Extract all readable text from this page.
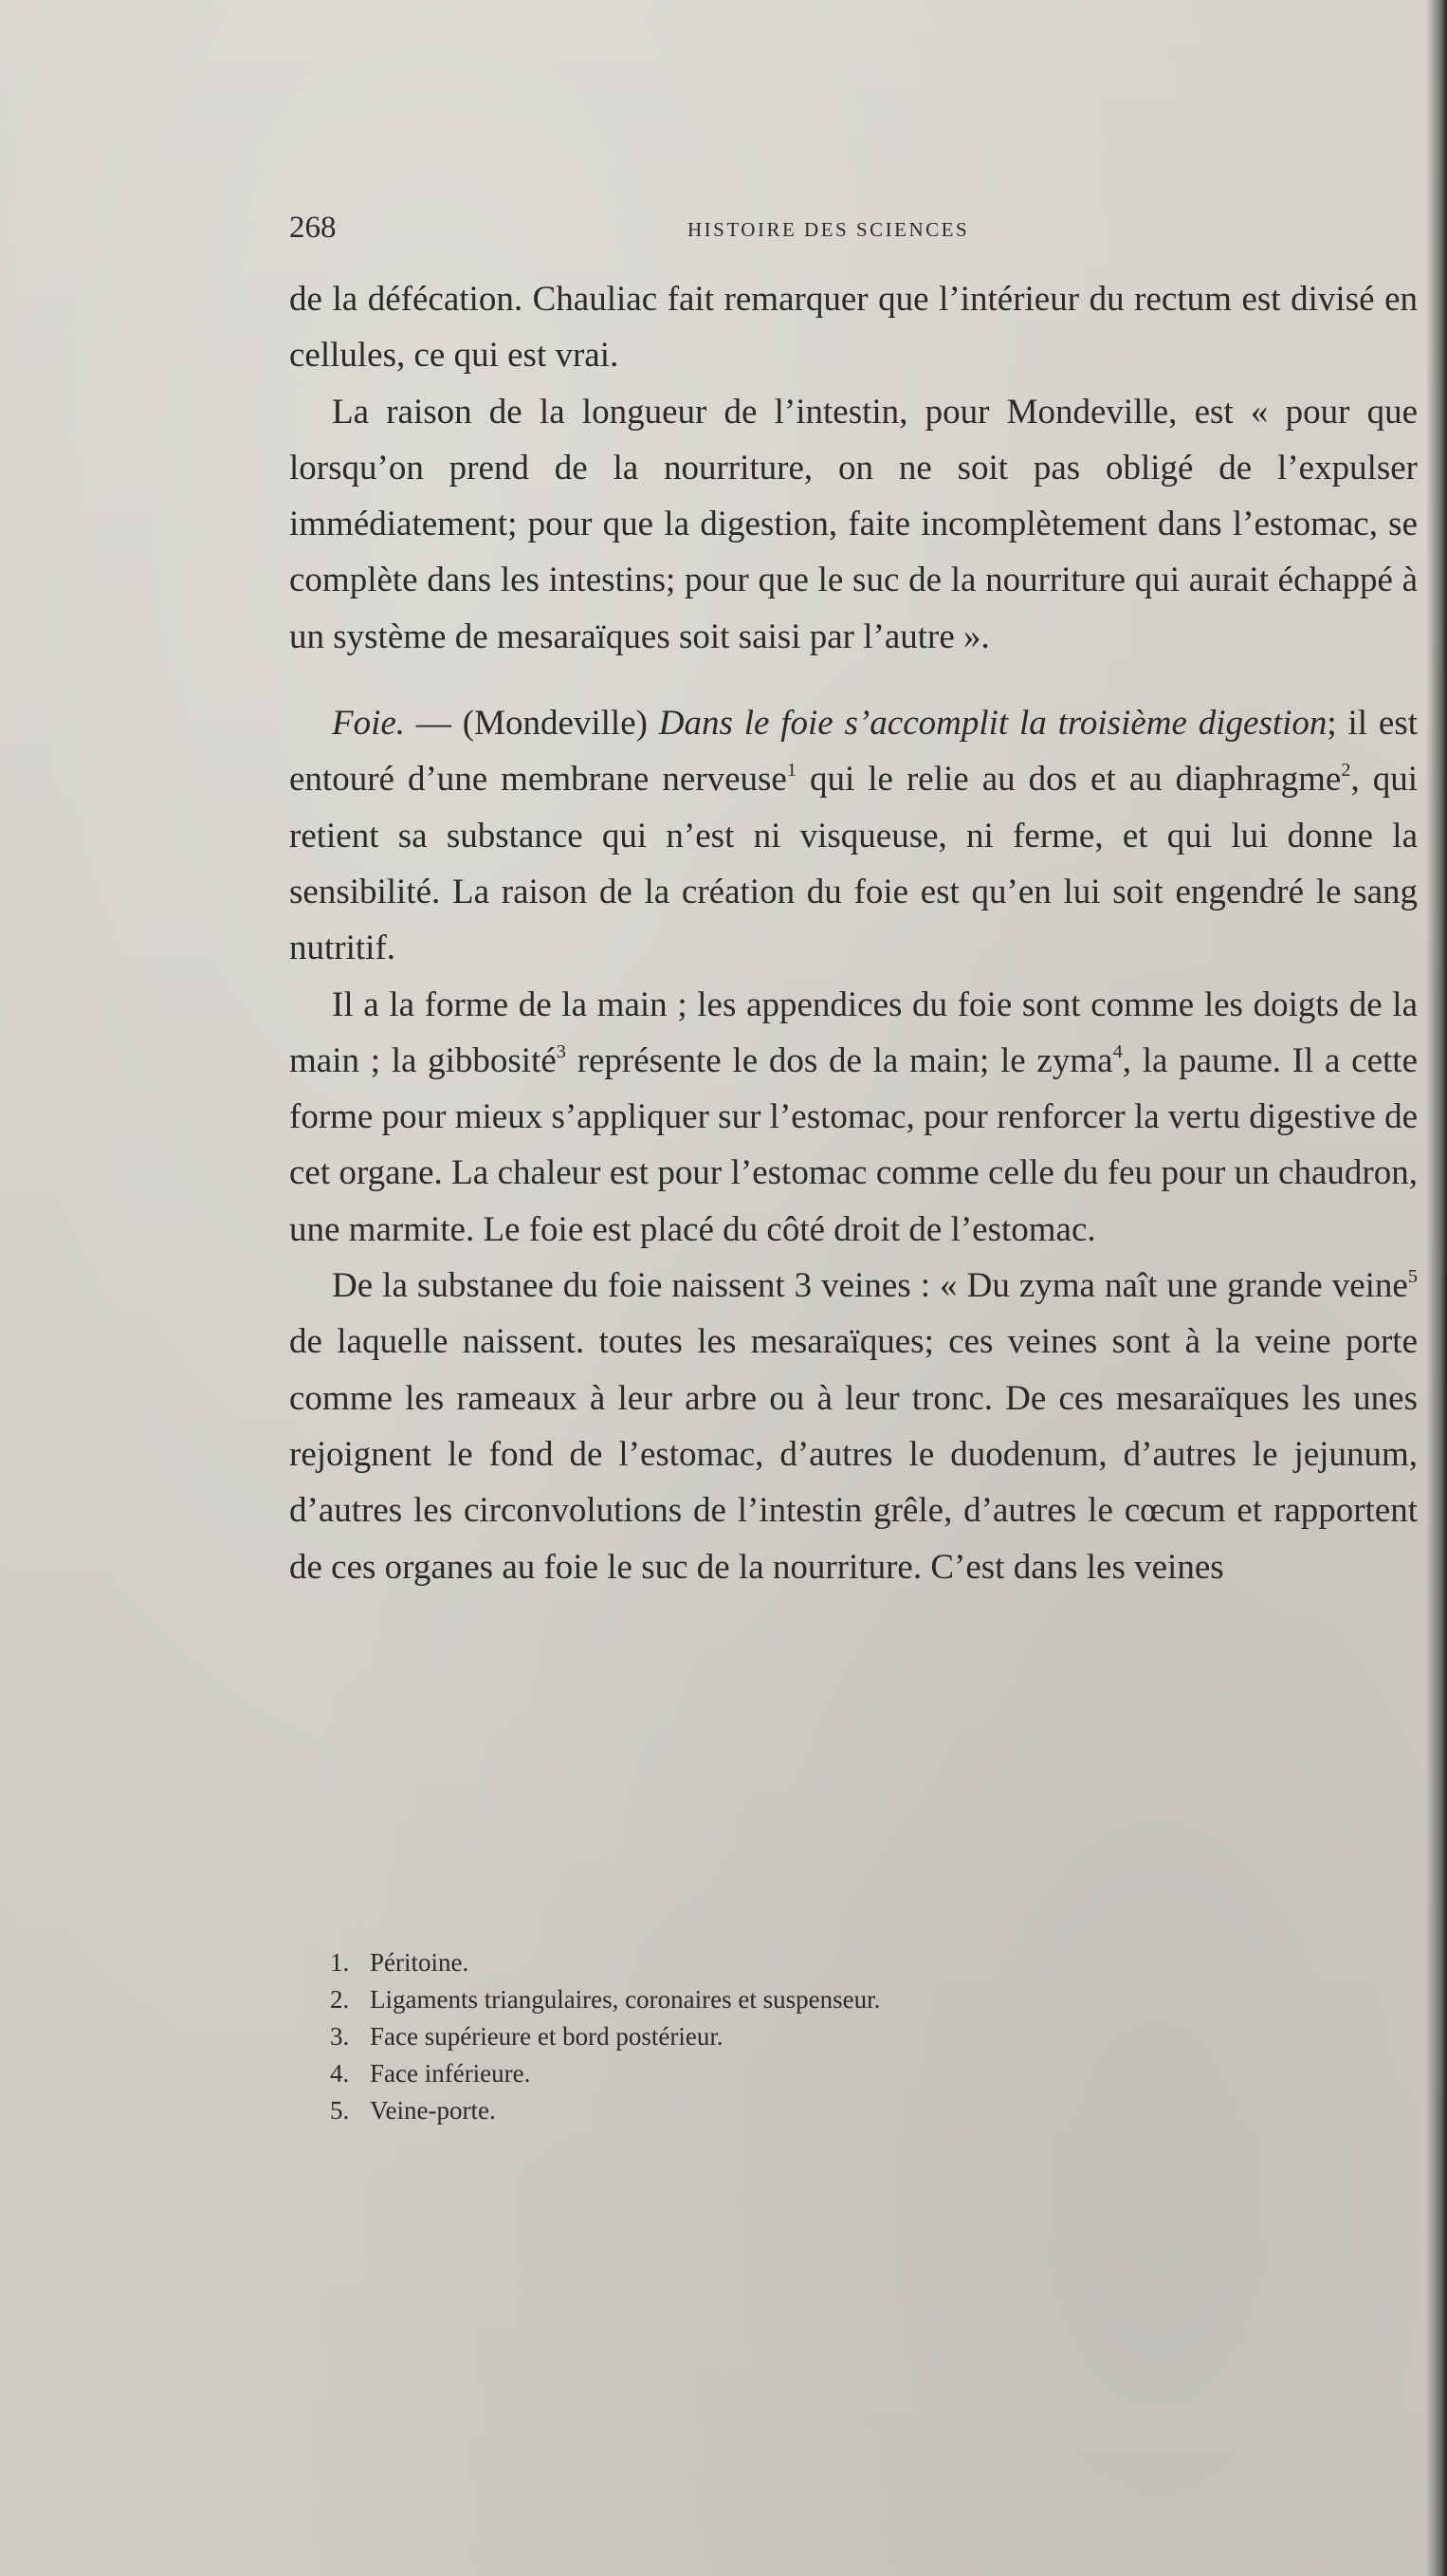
268	HISTOIRE DES SCIENCES

de la défécation. Chauliac fait remarquer que l’intérieur du rectum est divisé en cellules, ce qui est vrai.

La raison de la longueur de l’intestin, pour Mondeville, est « pour que lorsqu’on prend de la nourriture, on ne soit pas obligé de l’expulser immédiatement; pour que la digestion, faite incomplètement dans l’estomac, se complète dans les intestins; pour que le suc de la nourriture qui aurait échappé à un système de mesaraïques soit saisi par l’autre ».

Foie. — (Mondeville) Dans le foie s’accomplit la troisième digestion; il est entouré d’une membrane nerveuse$^1$ qui le relie au dos et au diaphragme$^2$, qui retient sa substance qui n’est ni visqueuse, ni ferme, et qui lui donne la sensibilité. La raison de la création du foie est qu’en lui soit engendré le sang nutritif.

Il a la forme de la main ; les appendices du foie sont comme les doigts de la main ; la gibbosité$^3$ représente le dos de la main; le zyma$^4$, la paume. Il a cette forme pour mieux s’appliquer sur l’estomac, pour renforcer la vertu digestive de cet organe. La chaleur est pour l’estomac comme celle du feu pour un chaudron, une marmite. Le foie est placé du côté droit de l’estomac.

De la substanee du foie naissent 3 veines : « Du zyma naît une grande veine$^5$ de laquelle naissent. toutes les mesaraïques; ces veines sont à la veine porte comme les rameaux à leur arbre ou à leur tronc. De ces mesaraïques les unes rejoignent le fond de l’estomac, d’autres le duodenum, d’autres le jejunum, d’autres les circonvolutions de l’intestin grêle, d’autres le cœcum et rapportent de ces organes au foie le suc de la nourriture. C’est dans les veines

1. Péritoine.
2. Ligaments triangulaires, coronaires et suspenseur.
3. Face supérieure et bord postérieur.
4. Face inférieure.
5. Veine-porte.
